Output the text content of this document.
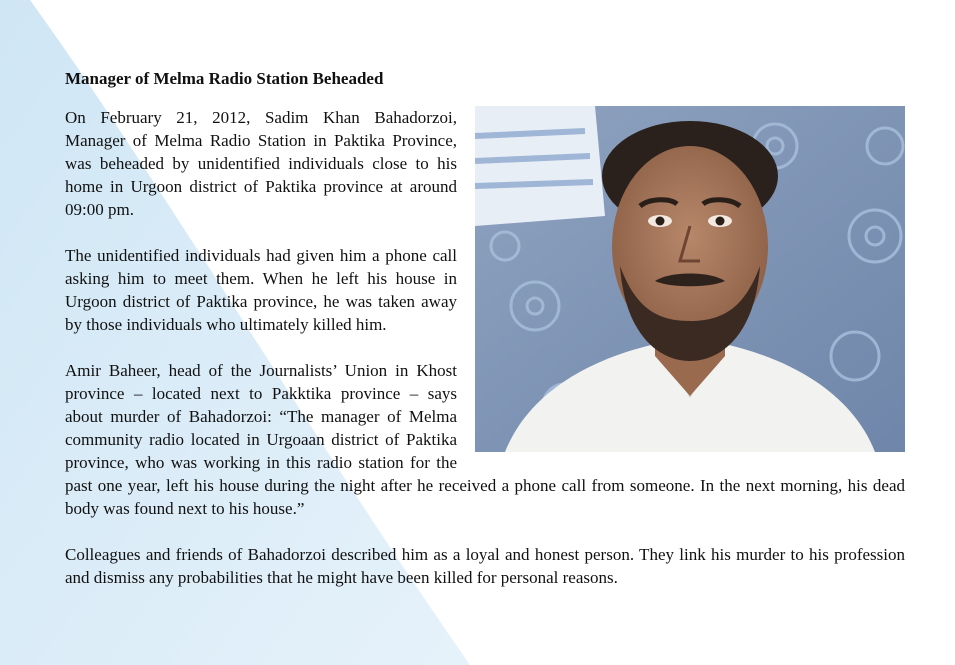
Manager of Melma Radio Station Beheaded

On February 21, 2012, Sadim Khan Bahadorzoi, Manager of Melma Radio Station in Paktika Province, was beheaded by unidentified individuals close to his home in Urgoon district of Paktika province at around 09:00 pm.

The unidentified individuals had given him a phone call asking him to meet them. When he left his house in Urgoon district of Paktika province, he was taken away by those individuals who ultimately killed him.

Amir Baheer, head of the Journalists’ Union in Khost province – located next to Pakktika province – says about murder of Bahadorzoi: “The manager of Melma community radio located in Urgoaan district of Paktika province, who was working in this radio station for the past one year, left his house during the night after he received a phone call from someone. In the next morning, his dead body was found next to his house.”

Colleagues and friends of Bahadorzoi described him as a loyal and honest person. They link his murder to his profession and dismiss any probabilities that he might have been killed for personal reasons.
